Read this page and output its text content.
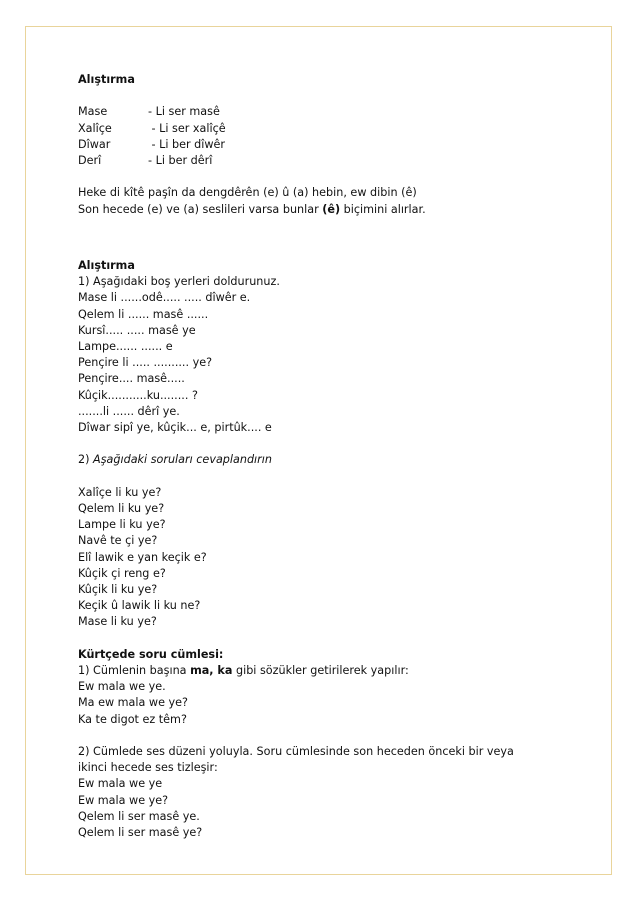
Alıştırma
Mase	- Li ser masê
Xalîçe	- Li ser xalîçê
Dîwar	- Li ber dîwêr
Derî	- Li ber dêrî
Heke di kîtê paşîn da dengdêrên (e) û (a) hebin, ew dibin (ê)
Son hecede (e) ve (a) seslileri varsa bunlar (ê) biçimini alırlar.
Alıştırma
1) Aşağıdaki boş yerleri doldurunuz.
Mase li ......odê..... ..... dîwêr e.
Qelem li ...... masê ......
Kursî..... ..... masê ye
Lampe...... ...... e
Pençire li ..... .......... ye?
Pençire.... masê.....
Kûçik...........ku........ ?
.......li ...... dêrî ye.
Dîwar sipî ye, kûçik... e, pirtûk.... e
2) Aşağıdaki soruları cevaplandırın
Xalîçe li ku ye?
Qelem li ku ye?
Lampe li ku ye?
Navê te çi ye?
Elî lawik e yan keçik e?
Kûçik çi reng e?
Kûçik li ku ye?
Keçik û lawik li ku ne?
Mase li ku ye?
Kürtçede soru cümlesi:
1) Cümlenin başına ma, ka gibi sözükler getirilerek yapılır:
Ew mala we ye.
Ma ew mala we ye?
Ka te digot ez têm?
2) Cümlede ses düzeni yoluyla. Soru cümlesinde son heceden önceki bir veya
ikinci hecede ses tizleşir:
Ew mala we ye
Ew mala we ye?
Qelem li ser masê ye.
Qelem li ser masê ye?
